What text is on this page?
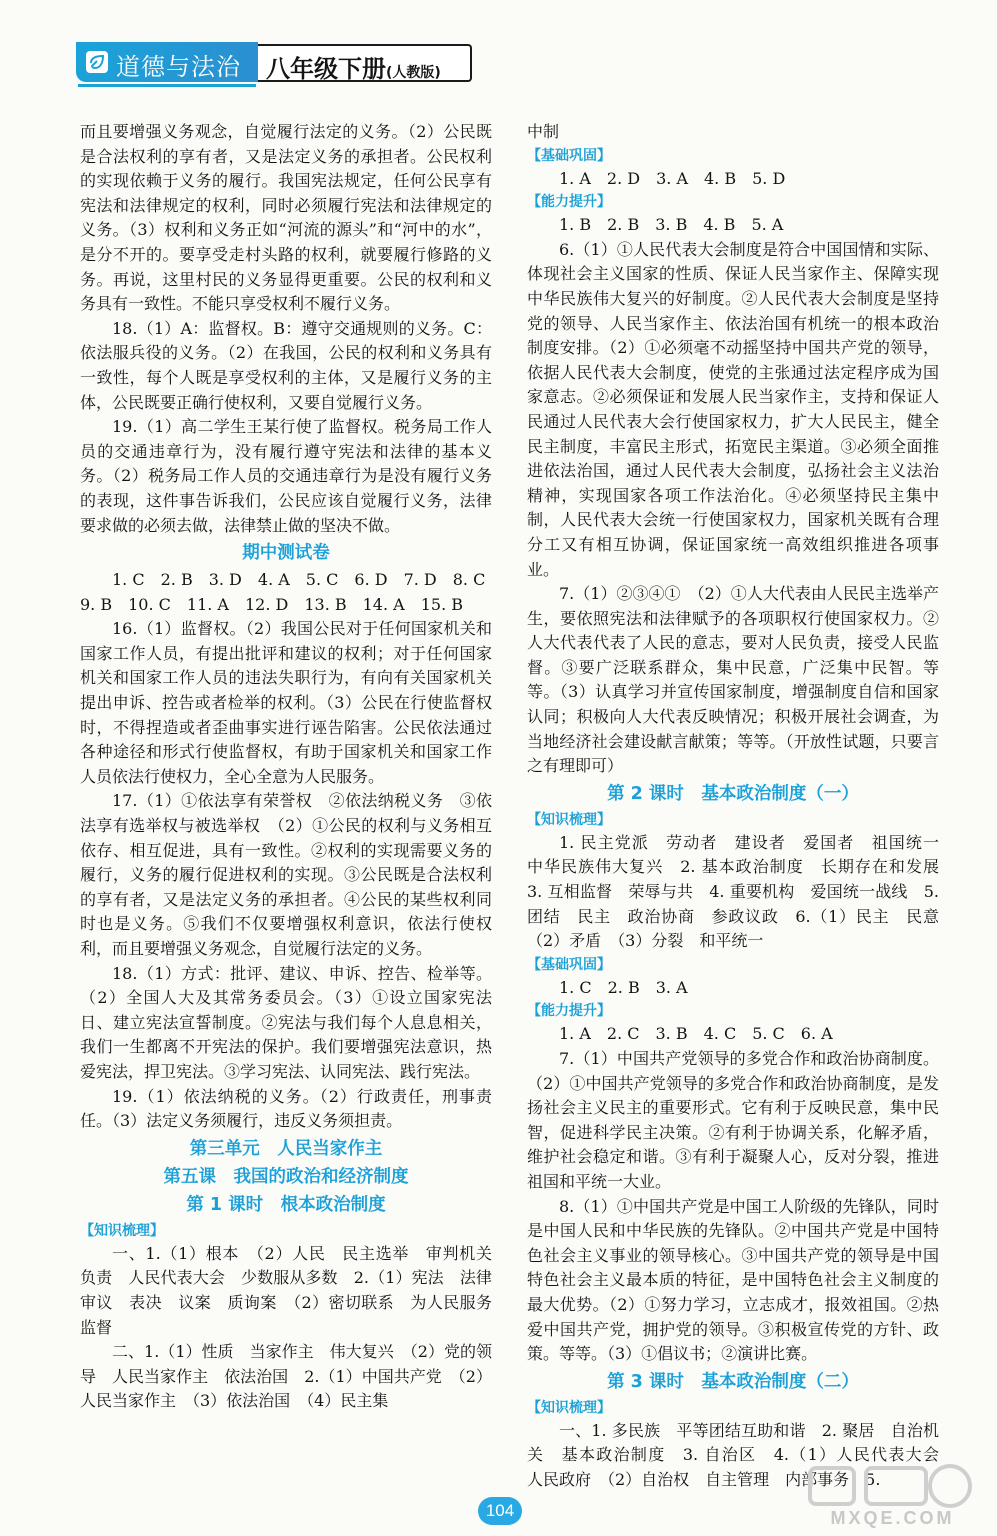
道德与法治 八年级下册(人教版)

而且要增强义务观念，自觉履行法定的义务。（2）公民既是合法权利的享有者，又是法定义务的承担者。公民权利的实现依赖于义务的履行。我国宪法规定，任何公民享有宪法和法律规定的权利，同时必须履行宪法和法律规定的义务。（3）权利和义务正如“河流的源头”和“河中的水”，是分不开的。要享受走村头路的权利，就要履行修路的义务。再说，这里村民的义务显得更重要。公民的权利和义务具有一致性。不能只享受权利不履行义务。

18.（1）A：监督权。B：遵守交通规则的义务。C：依法服兵役的义务。（2）在我国，公民的权利和义务具有一致性，每个人既是享受权利的主体，又是履行义务的主体，公民既要正确行使权利，又要自觉履行义务。

19.（1）高二学生王某行使了监督权。税务局工作人员的交通违章行为，没有履行遵守宪法和法律的基本义务。（2）税务局工作人员的交通违章行为是没有履行义务的表现，这件事告诉我们，公民应该自觉履行义务，法律要求做的必须去做，法律禁止做的坚决不做。

期中测试卷

1. C　2. B　3. D　4. A　5. C　6. D　7. D　8. C

9. B　10. C　11. A　12. D　13. B　14. A　15. B

16.（1）监督权。（2）我国公民对于任何国家机关和国家工作人员，有提出批评和建议的权利；对于任何国家机关和国家工作人员的违法失职行为，有向有关国家机关提出申诉、控告或者检举的权利。（3）公民在行使监督权时，不得捏造或者歪曲事实进行诬告陷害。公民依法通过各种途径和形式行使监督权，有助于国家机关和国家工作人员依法行使权力，全心全意为人民服务。

17.（1）①依法享有荣誉权　②依法纳税义务　③依法享有选举权与被选举权　（2）①公民的权利与义务相互依存、相互促进，具有一致性。②权利的实现需要义务的履行，义务的履行促进权利的实现。③公民既是合法权利的享有者，又是法定义务的承担者。④公民的某些权利同时也是义务。⑤我们不仅要增强权利意识，依法行使权利，而且要增强义务观念，自觉履行法定的义务。

18.（1）方式：批评、建议、申诉、控告、检举等。（2）全国人大及其常务委员会。（3）①设立国家宪法日、建立宪法宣誓制度。②宪法与我们每个人息息相关，我们一生都离不开宪法的保护。我们要增强宪法意识，热爱宪法，捍卫宪法。③学习宪法、认同宪法、践行宪法。

19.（1）依法纳税的义务。（2）行政责任，刑事责任。（3）法定义务须履行，违反义务须担责。

第三单元　人民当家作主
第五课　我国的政治和经济制度
第 1 课时　根本政治制度
【知识梳理】

一、1.（1）根本　（2）人民　民主选举　审判机关　负责　人民代表大会　少数服从多数　2.（1）宪法　法律　审议　表决　议案　质询案　（2）密切联系　为人民服务　监督

二、1.（1）性质　当家作主　伟大复兴　（2）党的领导　人民当家作主　依法治国　2.（1）中国共产党　（2）人民当家作主　（3）依法治国　（4）民主集

中制

【基础巩固】

1. A　2. D　3. A　4. B　5. D

【能力提升】

1. B　2. B　3. B　4. B　5. A

6.（1）①人民代表大会制度是符合中国国情和实际、体现社会主义国家的性质、保证人民当家作主、保障实现中华民族伟大复兴的好制度。②人民代表大会制度是坚持党的领导、人民当家作主、依法治国有机统一的根本政治制度安排。（2）①必须毫不动摇坚持中国共产党的领导，依据人民代表大会制度，使党的主张通过法定程序成为国家意志。②必须保证和发展人民当家作主，支持和保证人民通过人民代表大会行使国家权力，扩大人民民主，健全民主制度，丰富民主形式，拓宽民主渠道。③必须全面推进依法治国，通过人民代表大会制度，弘扬社会主义法治精神，实现国家各项工作法治化。④必须坚持民主集中制，人民代表大会统一行使国家权力，国家机关既有合理分工又有相互协调，保证国家统一高效组织推进各项事业。

7.（1）②③④①　（2）①人大代表由人民民主选举产生，要依照宪法和法律赋予的各项职权行使国家权力。②人大代表代表了人民的意志，要对人民负责，接受人民监督。③要广泛联系群众，集中民意，广泛集中民智。等等。（3）认真学习并宣传国家制度，增强制度自信和国家认同；积极向人大代表反映情况；积极开展社会调查，为当地经济社会建设献言献策；等等。（开放性试题，只要言之有理即可）

第 2 课时　基本政治制度（一）
【知识梳理】

1. 民主党派　劳动者　建设者　爱国者　祖国统一　中华民族伟大复兴　2. 基本政治制度　长期存在和发展　3. 互相监督　荣辱与共　4. 重要机构　爱国统一战线　5. 团结　民主　政治协商　参政议政　6.（1）民主　民意　（2）矛盾　（3）分裂　和平统一

【基础巩固】

1. C　2. B　3. A

【能力提升】

1. A　2. C　3. B　4. C　5. C　6. A

7.（1）中国共产党领导的多党合作和政治协商制度。（2）①中国共产党领导的多党合作和政治协商制度，是发扬社会主义民主的重要形式。它有利于反映民意，集中民智，促进科学民主决策。②有利于协调关系，化解矛盾，维护社会稳定和谐。③有利于凝聚人心，反对分裂，推进祖国和平统一大业。

8.（1）①中国共产党是中国工人阶级的先锋队，同时是中国人民和中华民族的先锋队。②中国共产党是中国特色社会主义事业的领导核心。③中国共产党的领导是中国特色社会主义最本质的特征，是中国特色社会主义制度的最大优势。（2）①努力学习，立志成才，报效祖国。②热爱中国共产党，拥护党的领导。③积极宣传党的方针、政策。等等。（3）①倡议书；②演讲比赛。

第 3 课时　基本政治制度（二）
【知识梳理】

一、1. 多民族　平等团结互助和谐　2. 聚居　自治机关　基本政治制度　3. 自治区　4.（1）人民代表大会　人民政府　（2）自治权　自主管理　内部事务　5.

104	MXQE.COM
